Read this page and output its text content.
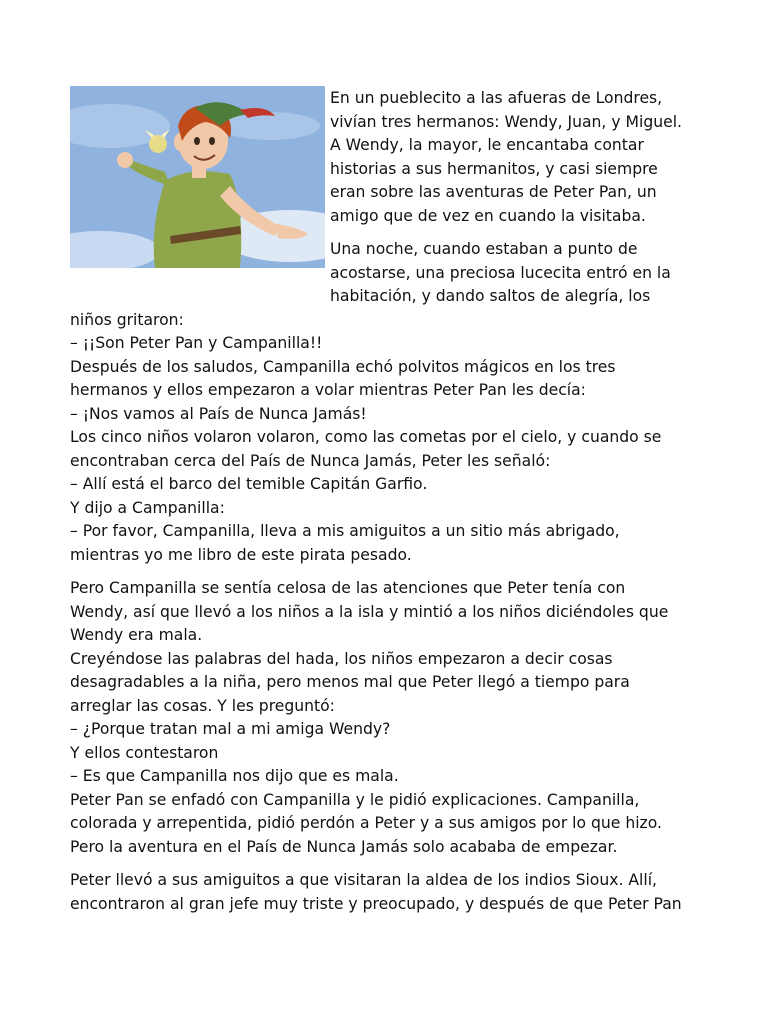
En un pueblecito a las afueras de Londres,
vivían tres hermanos: Wendy, Juan, y Miguel.
A Wendy, la mayor, le encantaba contar
historias a sus hermanitos, y casi siempre
eran sobre las aventuras de Peter Pan, un
amigo que de vez en cuando la visitaba.

Una noche, cuando estaban a punto de
acostarse, una preciosa lucecita entró en la
habitación, y dando saltos de alegría, los

niños gritaron:
– ¡¡Son Peter Pan y Campanilla!!
Después de los saludos, Campanilla echó polvitos mágicos en los tres
hermanos y ellos empezaron a volar mientras Peter Pan les decía:
– ¡Nos vamos al País de Nunca Jamás!
Los cinco niños volaron volaron, como las cometas por el cielo, y cuando se
encontraban cerca del País de Nunca Jamás, Peter les señaló:
– Allí está el barco del temible Capitán Garfio.
Y dijo a Campanilla:
– Por favor, Campanilla, lleva a mis amiguitos a un sitio más abrigado,
mientras yo me libro de este pirata pesado.

Pero Campanilla se sentía celosa de las atenciones que Peter tenía con
Wendy, así que llevó a los niños a la isla y mintió a los niños diciéndoles que
Wendy era mala.
Creyéndose las palabras del hada, los niños empezaron a decir cosas
desagradables a la niña, pero menos mal que Peter llegó a tiempo para
arreglar las cosas. Y les preguntó:
– ¿Porque tratan mal a mi amiga Wendy?
Y ellos contestaron
– Es que Campanilla nos dijo que es mala.
Peter Pan se enfadó con Campanilla y le pidió explicaciones. Campanilla,
colorada y arrepentida, pidió perdón a Peter y a sus amigos por lo que hizo.
Pero la aventura en el País de Nunca Jamás solo acababa de empezar.

Peter llevó a sus amiguitos a que visitaran la aldea de los indios Sioux. Allí,
encontraron al gran jefe muy triste y preocupado, y después de que Peter Pan
